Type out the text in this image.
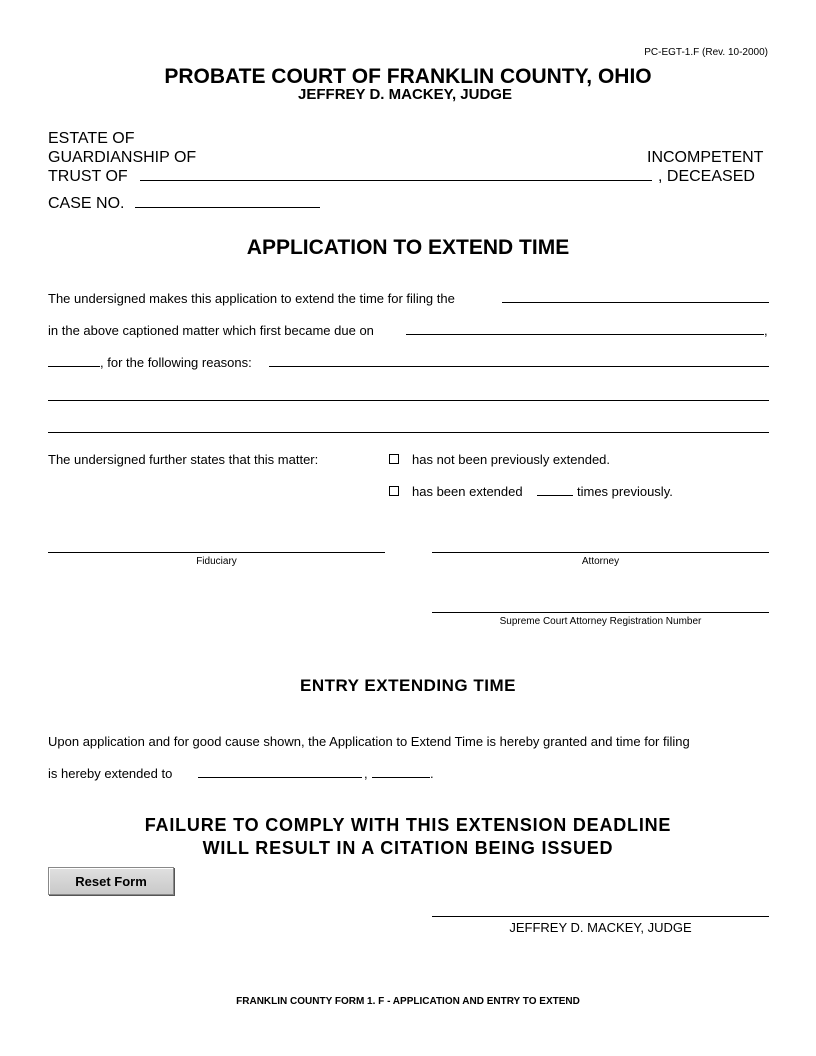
PC-EGT-1.F (Rev. 10-2000)
PROBATE COURT OF FRANKLIN COUNTY, OHIO
JEFFREY D. MACKEY, JUDGE
ESTATE OF
GUARDIANSHIP OF
TRUST OF
INCOMPETENT
, DECEASED
CASE NO.
APPLICATION TO EXTEND TIME
The undersigned makes this application to extend the time for filing the
in the above captioned matter which first became due on	,
, for the following reasons:
The undersigned further states that this matter:	has not been previously extended.
has been extended	times previously.
Fiduciary	Attorney
Supreme Court Attorney Registration Number
ENTRY EXTENDING TIME
Upon application and for good cause shown, the Application to Extend Time is hereby granted and time for filing
is hereby extended to	,	.
FAILURE TO COMPLY WITH THIS EXTENSION DEADLINE
WILL RESULT IN A CITATION BEING ISSUED
Reset Form
JEFFREY D. MACKEY, JUDGE
FRANKLIN COUNTY FORM 1. F - APPLICATION AND ENTRY TO EXTEND
